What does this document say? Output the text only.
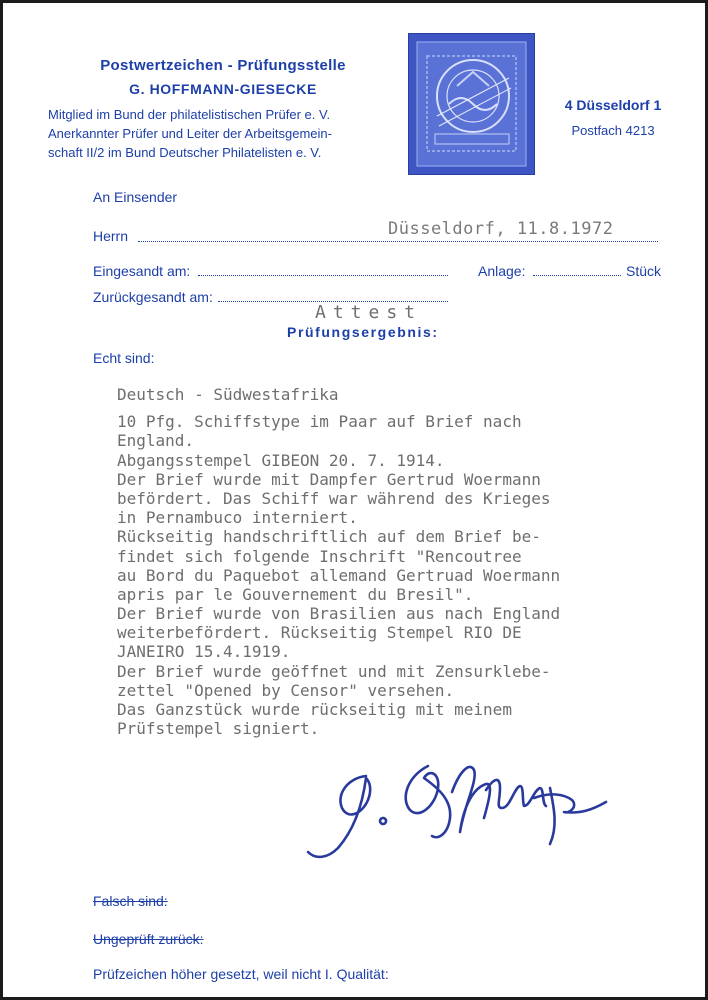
Postwertzeichen - Prüfungsstelle
G. HOFFMANN-GIESECKE
Mitglied im Bund der philatelistischen Prüfer e. V.
Anerkannter Prüfer und Leiter der Arbeitsgemein-
schaft II/2 im Bund Deutscher Philatelisten e. V.
4 Düsseldorf 1
Postfach 4213
An Einsender
Herrn	Düsseldorf, 11.8.1972
Eingesandt am:	Anlage:	Stück
Zurückgesandt am:
Attest
Prüfungsergebnis:
Echt sind:
Deutsch - Südwestafrika
10 Pfg. Schiffstype im Paar auf Brief nach
England.
Abgangsstempel GIBEON 20. 7. 1914.
Der Brief wurde mit Dampfer Gertrud Woermann
befördert. Das Schiff war während des Krieges
in Pernambuco interniert.
Rückseitig handschriftlich auf dem Brief be-
findet sich folgende Inschrift "Rencoutree
au Bord du Paquebot allemand Gertruad Woermann
apris par le Gouvernement du Bresil".
Der Brief wurde von Brasilien aus nach England
weiterbefördert. Rückseitig Stempel RIO DE
JANEIRO 15.4.1919.
Der Brief wurde geöffnet und mit Zensurklebe-
zettel "Opened by Censor" versehen.
Das Ganzstück wurde rückseitig mit meinem
Prüfstempel signiert.
Falsch sind:
Ungeprüft zurück:
Prüfzeichen höher gesetzt, weil nicht I. Qualität:
